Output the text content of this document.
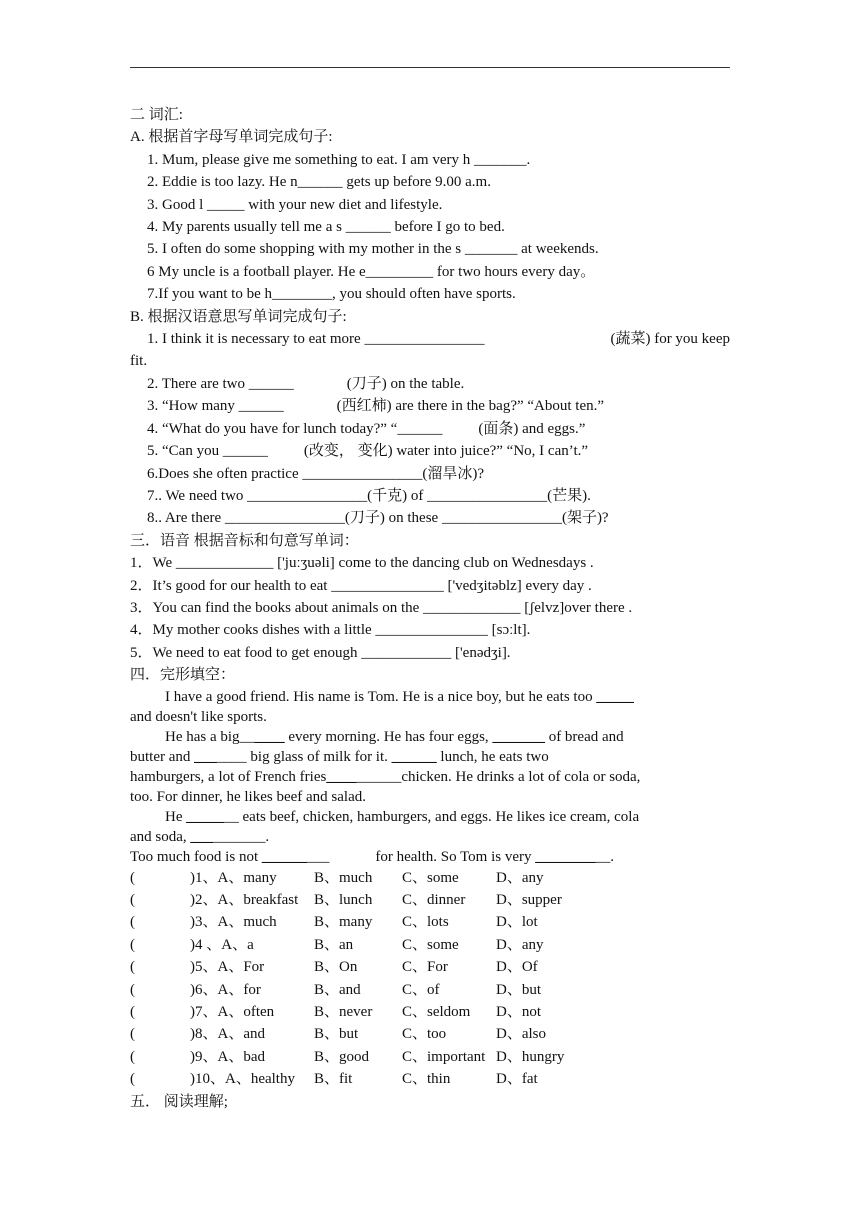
二 词汇:
A. 根据首字母写单词完成句子:
1. Mum, please give me something to eat. I am very h _______.
2. Eddie is too lazy. He n______ gets up before 9.00 a.m.
3. Good l _____ with your new diet and lifestyle.
4. My parents usually tell me a s ______ before I go to bed.
5. I often do some shopping with my mother in the s _______ at weekends.
6 My uncle is a football player. He e_________ for two hours every day。
7.If you want to be h________, you should often have sports.
B. 根据汉语意思写单词完成句子:
1. I think it is necessary to eat more ________________	(蔬菜) for you keep
fit.
2. There are two ______	(刀子) on the table.
3. “How many ______	(西红柿) are there in the bag?” “About ten.”
4. “What do you have for lunch today?” “______ (面条) and eggs.”
5. “Can you ______ (改变， 变化) water into juice?” “No, I can’t.”
6.Does she often practice ________________(溜旱冰)?
7.. We need two ________________(千克) of ________________(芒果).
8.. Are there ________________(刀子) on these ________________(架子)?
三．语音 根据音标和句意写单词：
1．We _____________ ['juːʒuəli] come to the dancing club on Wednesdays .
2．It’s good for our health to eat _______________ ['vedʒitəblz] every day .
3．You can find the books about animals on the _____________ [ʃelvz]over there .
4．My mother cooks dishes with a little _______________ [sɔːlt].
5．We need to eat food to get enough ____________ ['enədʒi].
四．完形填空：
I have a good friend. His name is Tom. He is a nice boy, but he eats too _____
and doesn't like sports.
He has a big______ every morning. He has four eggs, _______ of bread and
butter and _______ big glass of milk for it. ______ lunch, he eats two
hamburgers, a lot of French fries__________chicken. He drinks a lot of cola or soda,
too. For dinner, he likes beef and salad.
He _______ eats beef, chicken, hamburgers, and eggs. He likes ice cream, cola
and soda, __________.
Too much food is not _________	for health. So Tom is very __________.
(	)1、A、many	B、much	C、some	D、any
(	)2、A、breakfast	B、lunch	C、dinner	D、supper
(	)3、A、much	B、many	C、lots	D、lot
(	)4 、A、a	B、an	C、some	D、any
(	)5、A、For	B、On	C、For	D、Of
(	)6、A、for	B、and	C、of	D、but
(	)7、A、often	B、never	C、seldom	D、not
(	)8、A、and	B、but	C、too	D、also
(	)9、A、bad	B、good	C、important	D、hungry
(	)10、A、healthy	B、fit	C、thin	D、fat
五． 阅读理解;
